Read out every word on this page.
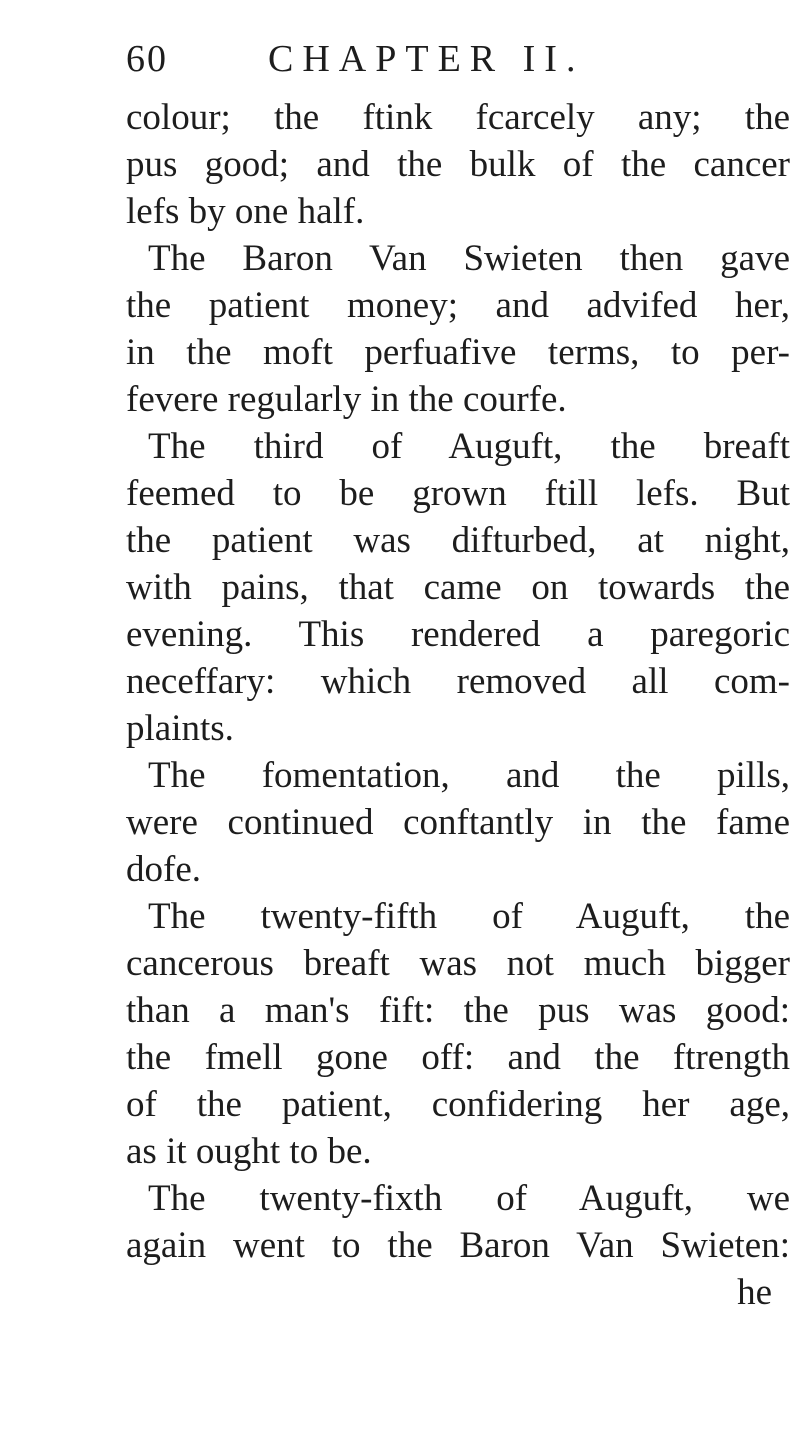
60	CHAPTER II.
colour; the ftink fcarcely any; the
pus good; and the bulk of the cancer
lefs by one half.
The Baron Van Swieten then gave
the patient money; and advifed her,
in the moft perfuafive terms, to per-
fevere regularly in the courfe.
The third of Auguft, the breaft
feemed to be grown ftill lefs. But
the patient was difturbed, at night,
with pains, that came on towards the
evening. This rendered a paregoric
neceffary: which removed all com-
plaints.
The fomentation, and the pills,
were continued conftantly in the fame
dofe.
The twenty-fifth of Auguft, the
cancerous breaft was not much bigger
than a man's fift: the pus was good:
the fmell gone off: and the ftrength
of the patient, confidering her age,
as it ought to be.
The twenty-fixth of Auguft, we
again went to the Baron Van Swieten:
he
